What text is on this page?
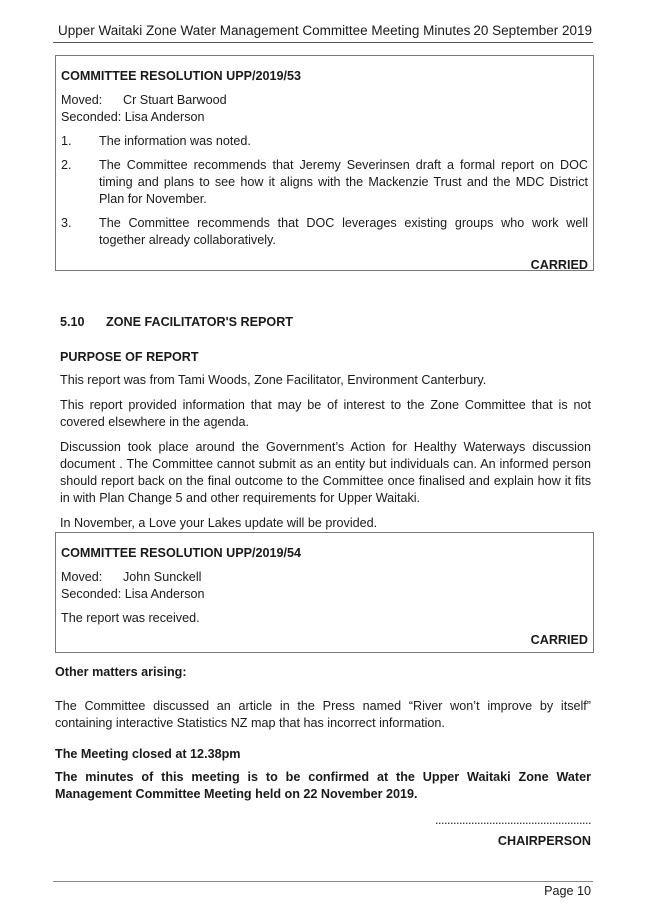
Upper Waitaki Zone Water Management Committee Meeting Minutes 20 September 2019
COMMITTEE RESOLUTION UPP/2019/53
Moved: Cr Stuart Barwood
Seconded: Lisa Anderson
1.	The information was noted.
2.	The Committee recommends that Jeremy Severinsen draft a formal report on DOC timing and plans to see how it aligns with the Mackenzie Trust and the MDC District Plan for November.
3.	The Committee recommends that DOC leverages existing groups who work well together already collaboratively.
CARRIED
5.10 ZONE FACILITATOR'S REPORT
PURPOSE OF REPORT

This report was from Tami Woods, Zone Facilitator, Environment Canterbury.

This report provided information that may be of interest to the Zone Committee that is not covered elsewhere in the agenda.

Discussion took place around the Government’s Action for Healthy Waterways discussion document . The Committee cannot submit as an entity but individuals can. An informed person should report back on the final outcome to the Committee once finalised and explain how it fits in with Plan Change 5 and other requirements for Upper Waitaki.

In November, a Love your Lakes update will be provided.

COMMITTEE RESOLUTION UPP/2019/54
Moved: John Sunckell
Seconded: Lisa Anderson
The report was received.
CARRIED
Other matters arising:
The Committee discussed an article in the Press named “River won’t improve by itself” containing interactive Statistics NZ map that has incorrect information.
The Meeting closed at 12.38pm
The minutes of this meeting is to be confirmed at the Upper Waitaki Zone Water Management Committee Meeting held on 22 November 2019.
....................................................
CHAIRPERSON
Page 10
